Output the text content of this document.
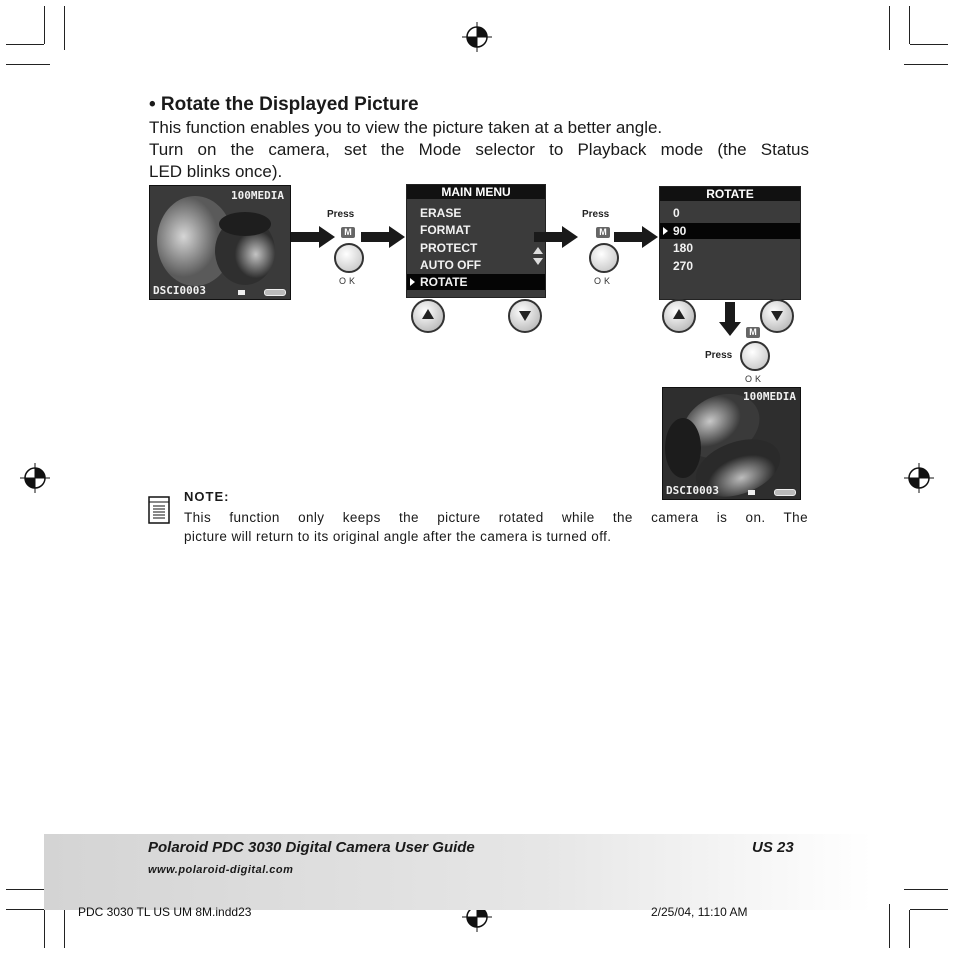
• Rotate the Displayed Picture

This function enables you to view the picture taken at a better angle.

Turn on the camera, set the Mode selector to Playback mode (the Status

LED blinks once).

100MEDIA
DSCI0003
Press
M
OK
MAIN MENU
ERASE
FORMAT
PROTECT
AUTO OFF
ROTATE
Press
M
OK
ROTATE
0
90
180
270
M
Press
OK
100MEDIA
DSCI0003
NOTE:
This function only keeps the picture rotated while the camera is on. The
picture will return to its original angle after the camera is turned off.
Polaroid PDC 3030 Digital Camera User Guide	US 23
www.polaroid-digital.com
PDC 3030 TL US UM 8M.indd23	2/25/04, 11:10 AM
